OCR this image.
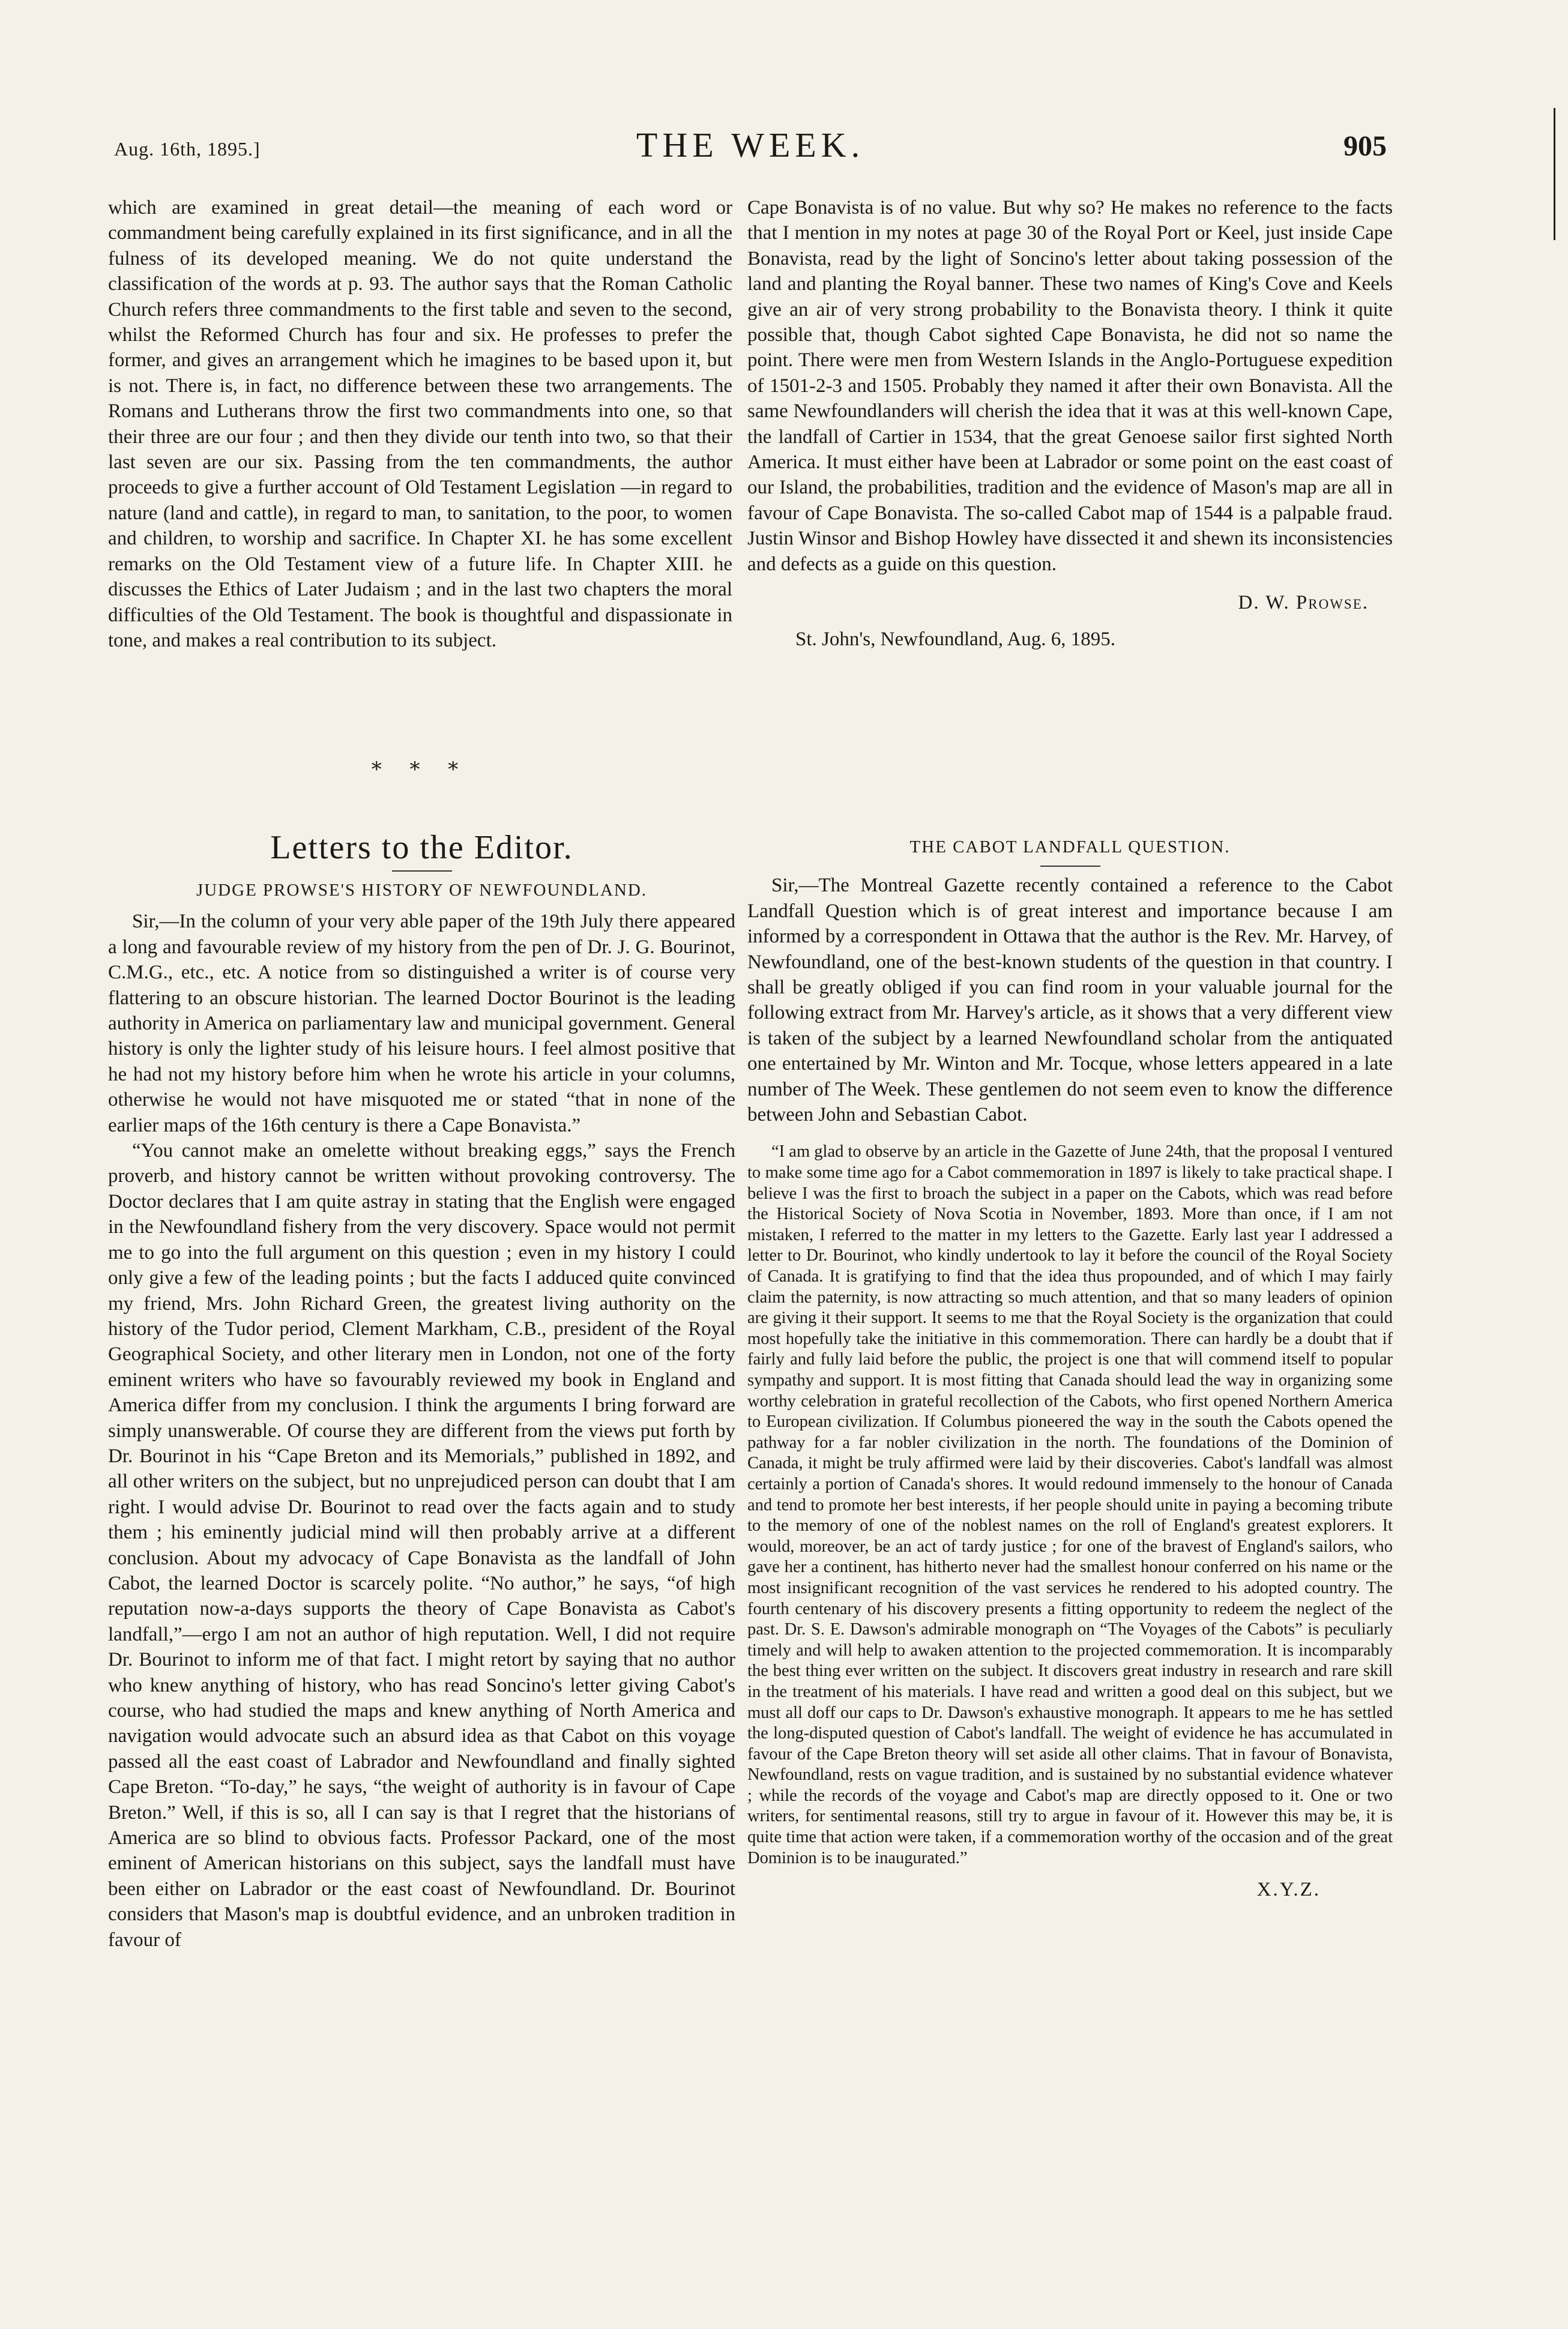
Aug. 16th, 1895.]	THE WEEK.	905

which are examined in great detail—the meaning of each word or commandment being carefully explained in its first significance, and in all the fulness of its developed meaning. We do not quite understand the classification of the words at p. 93. The author says that the Roman Catholic Church refers three commandments to the first table and seven to the second, whilst the Reformed Church has four and six. He professes to prefer the former, and gives an arrangement which he imagines to be based upon it, but is not. There is, in fact, no difference between these two arrangements. The Romans and Lutherans throw the first two commandments into one, so that their three are our four ; and then they divide our tenth into two, so that their last seven are our six. Passing from the ten commandments, the author proceeds to give a further account of Old Testament Legislation —in regard to nature (land and cattle), in regard to man, to sanitation, to the poor, to women and children, to worship and sacrifice. In Chapter XI. he has some excellent remarks on the Old Testament view of a future life. In Chapter XIII. he discusses the Ethics of Later Judaism ; and in the last two chapters the moral difficulties of the Old Testament. The book is thoughtful and dispassionate in tone, and makes a real contribution to its subject.

* * *
Letters to the Editor.

JUDGE PROWSE'S HISTORY OF NEWFOUNDLAND.

Sir,—In the column of your very able paper of the 19th July there appeared a long and favourable review of my history from the pen of Dr. J. G. Bourinot, C.M.G., etc., etc. A notice from so distinguished a writer is of course very flattering to an obscure historian. The learned Doctor Bourinot is the leading authority in America on parliamentary law and municipal government. General history is only the lighter study of his leisure hours. I feel almost positive that he had not my history before him when he wrote his article in your columns, otherwise he would not have misquoted me or stated “that in none of the earlier maps of the 16th century is there a Cape Bonavista.”

“You cannot make an omelette without breaking eggs,” says the French proverb, and history cannot be written without provoking controversy. The Doctor declares that I am quite astray in stating that the English were engaged in the Newfoundland fishery from the very discovery. Space would not permit me to go into the full argument on this question ; even in my history I could only give a few of the leading points ; but the facts I adduced quite convinced my friend, Mrs. John Richard Green, the greatest living authority on the history of the Tudor period, Clement Markham, C.B., president of the Royal Geographical Society, and other literary men in London, not one of the forty eminent writers who have so favourably reviewed my book in England and America differ from my conclusion. I think the arguments I bring forward are simply unanswerable. Of course they are different from the views put forth by Dr. Bourinot in his “Cape Breton and its Memorials,” published in 1892, and all other writers on the subject, but no unprejudiced person can doubt that I am right. I would advise Dr. Bourinot to read over the facts again and to study them ; his eminently judicial mind will then probably arrive at a different conclusion. About my advocacy of Cape Bonavista as the landfall of John Cabot, the learned Doctor is scarcely polite. “No author,” he says, “of high reputation now-a-days supports the theory of Cape Bonavista as Cabot's landfall,”—ergo I am not an author of high reputation. Well, I did not require Dr. Bourinot to inform me of that fact. I might retort by saying that no author who knew anything of history, who has read Soncino's letter giving Cabot's course, who had studied the maps and knew anything of North America and navigation would advocate such an absurd idea as that Cabot on this voyage passed all the east coast of Labrador and Newfoundland and finally sighted Cape Breton. “To-day,” he says, “the weight of authority is in favour of Cape Breton.” Well, if this is so, all I can say is that I regret that the historians of America are so blind to obvious facts. Professor Packard, one of the most eminent of American historians on this subject, says the landfall must have been either on Labrador or the east coast of Newfoundland. Dr. Bourinot considers that Mason's map is doubtful evidence, and an unbroken tradition in favour of

Cape Bonavista is of no value. But why so? He makes no reference to the facts that I mention in my notes at page 30 of the Royal Port or Keel, just inside Cape Bonavista, read by the light of Soncino's letter about taking possession of the land and planting the Royal banner. These two names of King's Cove and Keels give an air of very strong probability to the Bonavista theory. I think it quite possible that, though Cabot sighted Cape Bonavista, he did not so name the point. There were men from Western Islands in the Anglo-Portuguese expedition of 1501-2-3 and 1505. Probably they named it after their own Bonavista. All the same Newfoundlanders will cherish the idea that it was at this well-known Cape, the landfall of Cartier in 1534, that the great Genoese sailor first sighted North America. It must either have been at Labrador or some point on the east coast of our Island, the probabilities, tradition and the evidence of Mason's map are all in favour of Cape Bonavista. The so-called Cabot map of 1544 is a palpable fraud. Justin Winsor and Bishop Howley have dissected it and shewn its inconsistencies and defects as a guide on this question.

D. W. Prowse.

St. John's, Newfoundland, Aug. 6, 1895.

THE CABOT LANDFALL QUESTION.

Sir,—The Montreal Gazette recently contained a reference to the Cabot Landfall Question which is of great interest and importance because I am informed by a correspondent in Ottawa that the author is the Rev. Mr. Harvey, of Newfoundland, one of the best-known students of the question in that country. I shall be greatly obliged if you can find room in your valuable journal for the following extract from Mr. Harvey's article, as it shows that a very different view is taken of the subject by a learned Newfoundland scholar from the antiquated one entertained by Mr. Winton and Mr. Tocque, whose letters appeared in a late number of The Week. These gentlemen do not seem even to know the difference between John and Sebastian Cabot.

“I am glad to observe by an article in the Gazette of June 24th, that the proposal I ventured to make some time ago for a Cabot commemoration in 1897 is likely to take practical shape. I believe I was the first to broach the subject in a paper on the Cabots, which was read before the Historical Society of Nova Scotia in November, 1893. More than once, if I am not mistaken, I referred to the matter in my letters to the Gazette. Early last year I addressed a letter to Dr. Bourinot, who kindly undertook to lay it before the council of the Royal Society of Canada. It is gratifying to find that the idea thus propounded, and of which I may fairly claim the paternity, is now attracting so much attention, and that so many leaders of opinion are giving it their support. It seems to me that the Royal Society is the organization that could most hopefully take the initiative in this commemoration. There can hardly be a doubt that if fairly and fully laid before the public, the project is one that will commend itself to popular sympathy and support. It is most fitting that Canada should lead the way in organizing some worthy celebration in grateful recollection of the Cabots, who first opened Northern America to European civilization. If Columbus pioneered the way in the south the Cabots opened the pathway for a far nobler civilization in the north. The foundations of the Dominion of Canada, it might be truly affirmed were laid by their discoveries. Cabot's landfall was almost certainly a portion of Canada's shores. It would redound immensely to the honour of Canada and tend to promote her best interests, if her people should unite in paying a becoming tribute to the memory of one of the noblest names on the roll of England's greatest explorers. It would, moreover, be an act of tardy justice ; for one of the bravest of England's sailors, who gave her a continent, has hitherto never had the smallest honour conferred on his name or the most insignificant recognition of the vast services he rendered to his adopted country. The fourth centenary of his discovery presents a fitting opportunity to redeem the neglect of the past. Dr. S. E. Dawson's admirable monograph on “The Voyages of the Cabots” is peculiarly timely and will help to awaken attention to the projected commemoration. It is incomparably the best thing ever written on the subject. It discovers great industry in research and rare skill in the treatment of his materials. I have read and written a good deal on this subject, but we must all doff our caps to Dr. Dawson's exhaustive monograph. It appears to me he has settled the long-disputed question of Cabot's landfall. The weight of evidence he has accumulated in favour of the Cape Breton theory will set aside all other claims. That in favour of Bonavista, Newfoundland, rests on vague tradition, and is sustained by no substantial evidence whatever ; while the records of the voyage and Cabot's map are directly opposed to it. One or two writers, for sentimental reasons, still try to argue in favour of it. However this may be, it is quite time that action were taken, if a commemoration worthy of the occasion and of the great Dominion is to be inaugurated.”

X.Y.Z.
